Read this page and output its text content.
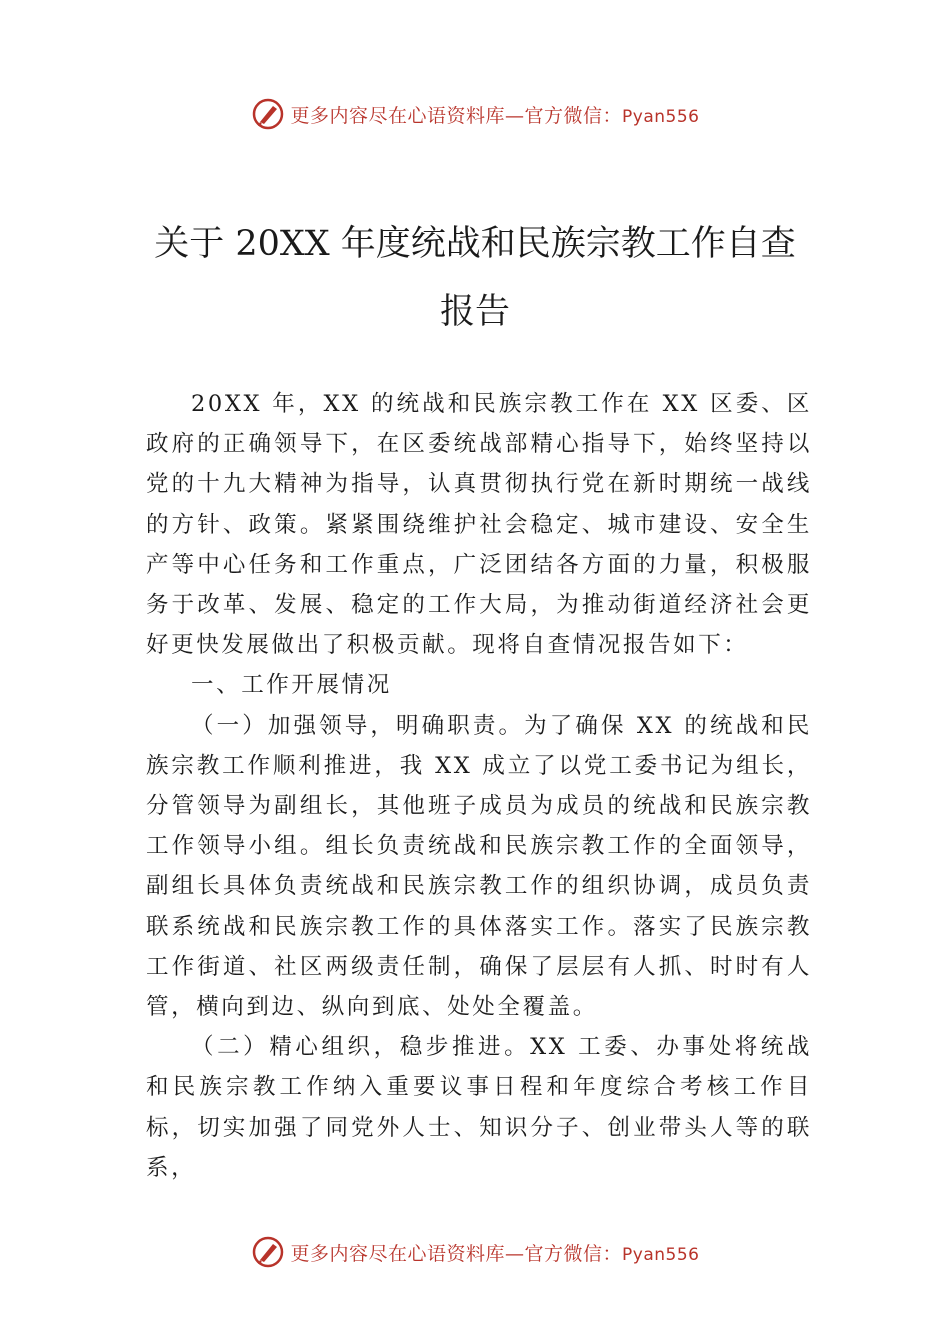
更多内容尽在心语资料库—官方微信：Pyan556
关于 20XX 年度统战和民族宗教工作自查报告

20XX 年，XX 的统战和民族宗教工作在 XX 区委、区政府的正确领导下，在区委统战部精心指导下，始终坚持以党的十九大精神为指导，认真贯彻执行党在新时期统一战线的方针、政策。紧紧围绕维护社会稳定、城市建设、安全生产等中心任务和工作重点，广泛团结各方面的力量，积极服务于改革、发展、稳定的工作大局，为推动街道经济社会更好更快发展做出了积极贡献。现将自查情况报告如下：

一、工作开展情况

（一）加强领导，明确职责。为了确保 XX 的统战和民族宗教工作顺利推进，我 XX 成立了以党工委书记为组长，分管领导为副组长，其他班子成员为成员的统战和民族宗教工作领导小组。组长负责统战和民族宗教工作的全面领导，副组长具体负责统战和民族宗教工作的组织协调，成员负责联系统战和民族宗教工作的具体落实工作。落实了民族宗教工作街道、社区两级责任制，确保了层层有人抓、时时有人管，横向到边、纵向到底、处处全覆盖。

（二）精心组织，稳步推进。XX 工委、办事处将统战和民族宗教工作纳入重要议事日程和年度综合考核工作目标，切实加强了同党外人士、知识分子、创业带头人等的联系，

更多内容尽在心语资料库—官方微信：Pyan556
